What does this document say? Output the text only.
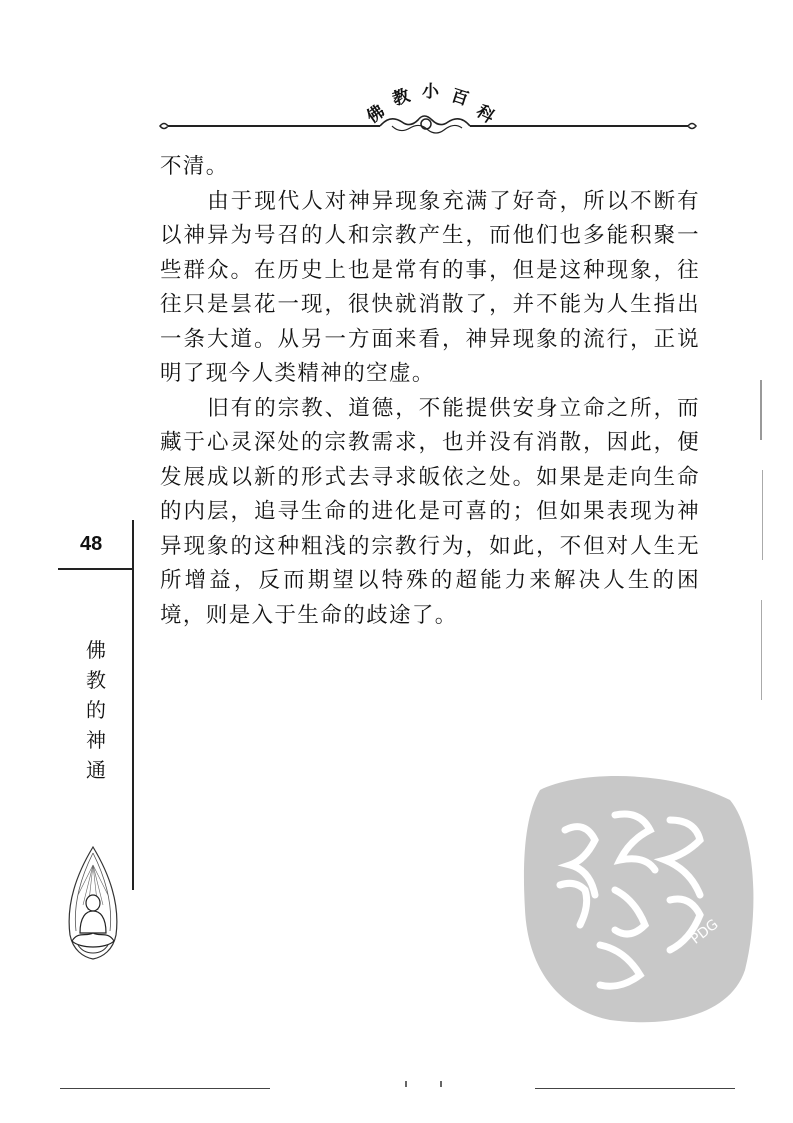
佛
教 小 百
科

不清。

由于现代人对神异现象充满了好奇，所以不断有以神异为号召的人和宗教产生，而他们也多能积聚一些群众。在历史上也是常有的事，但是这种现象，往往只是昙花一现，很快就消散了，并不能为人生指出一条大道。从另一方面来看，神异现象的流行，正说明了现今人类精神的空虚。

旧有的宗教、道德，不能提供安身立命之所，而藏于心灵深处的宗教需求，也并没有消散，因此，便发展成以新的形式去寻求皈依之处。如果是走向生命的内层，追寻生命的进化是可喜的；但如果表现为神异现象的这种粗浅的宗教行为，如此，不但对人生无所增益，反而期望以特殊的超能力来解决人生的困境，则是入于生命的歧途了。

48
佛
教
的
神
通
PDG
